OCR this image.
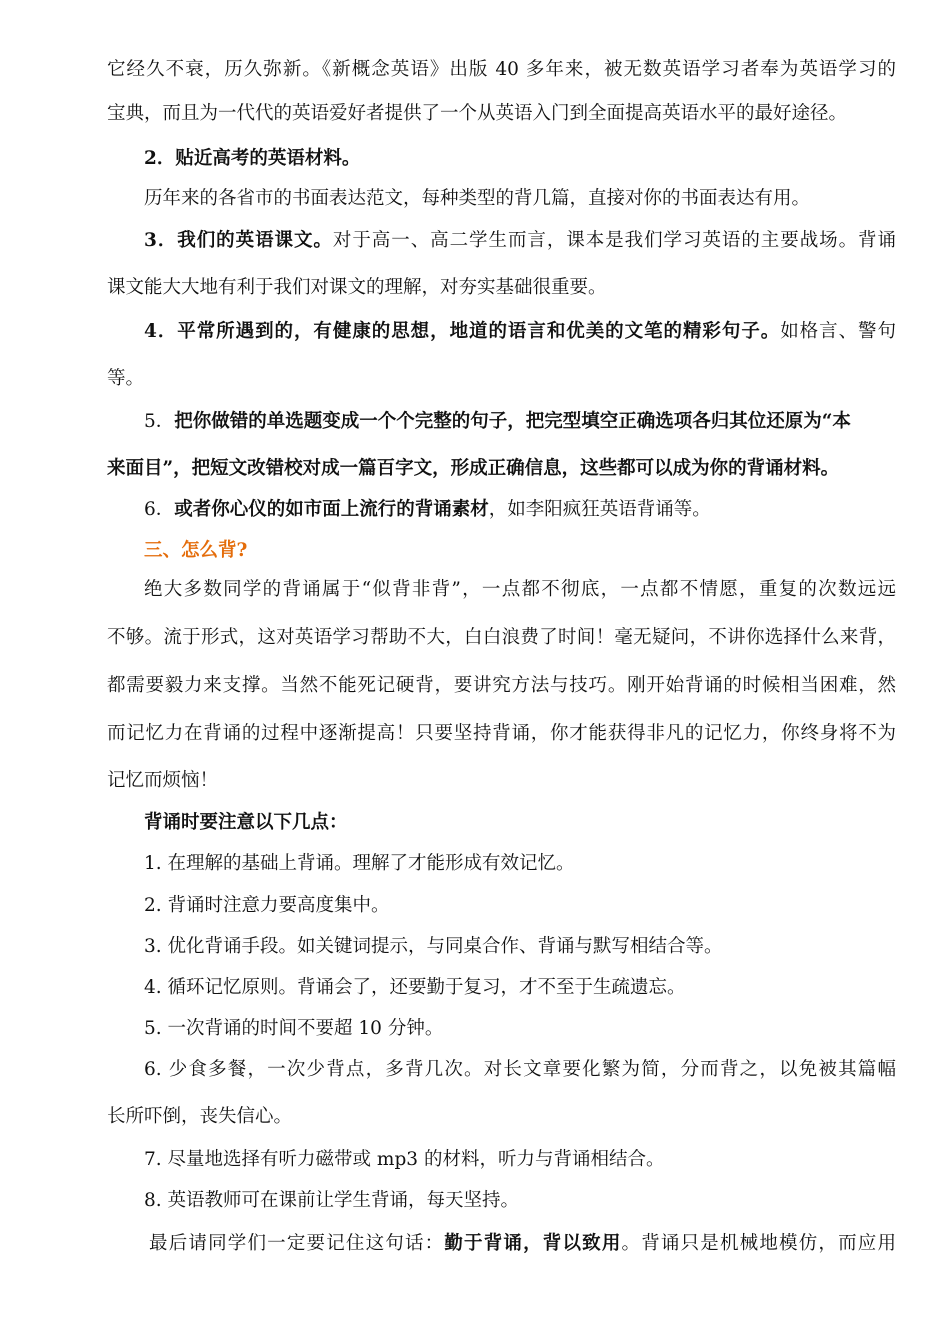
它经久不衰，历久弥新。《新概念英语》出版 40 多年来，被无数英语学习者奉为英语学习的
宝典，而且为一代代的英语爱好者提供了一个从英语入门到全面提高英语水平的最好途径。
2．贴近高考的英语材料。
历年来的各省市的书面表达范文，每种类型的背几篇，直接对你的书面表达有用。
3．我们的英语课文。对于高一、高二学生而言，课本是我们学习英语的主要战场。背诵
课文能大大地有利于我们对课文的理解，对夯实基础很重要。
4．平常所遇到的，有健康的思想，地道的语言和优美的文笔的精彩句子。如格言、警句
等。
5．把你做错的单选题变成一个个完整的句子，把完型填空正确选项各归其位还原为“本
来面目”，把短文改错校对成一篇百字文，形成正确信息，这些都可以成为你的背诵材料。
6．或者你心仪的如市面上流行的背诵素材，如李阳疯狂英语背诵等。
三、怎么背?
绝大多数同学的背诵属于“似背非背”，一点都不彻底，一点都不情愿，重复的次数远远
不够。流于形式，这对英语学习帮助不大，白白浪费了时间！毫无疑问，不讲你选择什么来背，
都需要毅力来支撑。当然不能死记硬背，要讲究方法与技巧。刚开始背诵的时候相当困难，然
而记忆力在背诵的过程中逐渐提高！只要坚持背诵，你才能获得非凡的记忆力，你终身将不为
记忆而烦恼！
背诵时要注意以下几点：
1. 在理解的基础上背诵。理解了才能形成有效记忆。
2. 背诵时注意力要高度集中。
3. 优化背诵手段。如关键词提示，与同桌合作、背诵与默写相结合等。
4. 循环记忆原则。背诵会了，还要勤于复习，才不至于生疏遗忘。
5. 一次背诵的时间不要超 10 分钟。
6. 少食多餐，一次少背点，多背几次。对长文章要化繁为简，分而背之，以免被其篇幅
长所吓倒，丧失信心。
7. 尽量地选择有听力磁带或 mp3 的材料，听力与背诵相结合。
8. 英语教师可在课前让学生背诵，每天坚持。
最后请同学们一定要记住这句话：勤于背诵，背以致用。背诵只是机械地模仿，而应用
